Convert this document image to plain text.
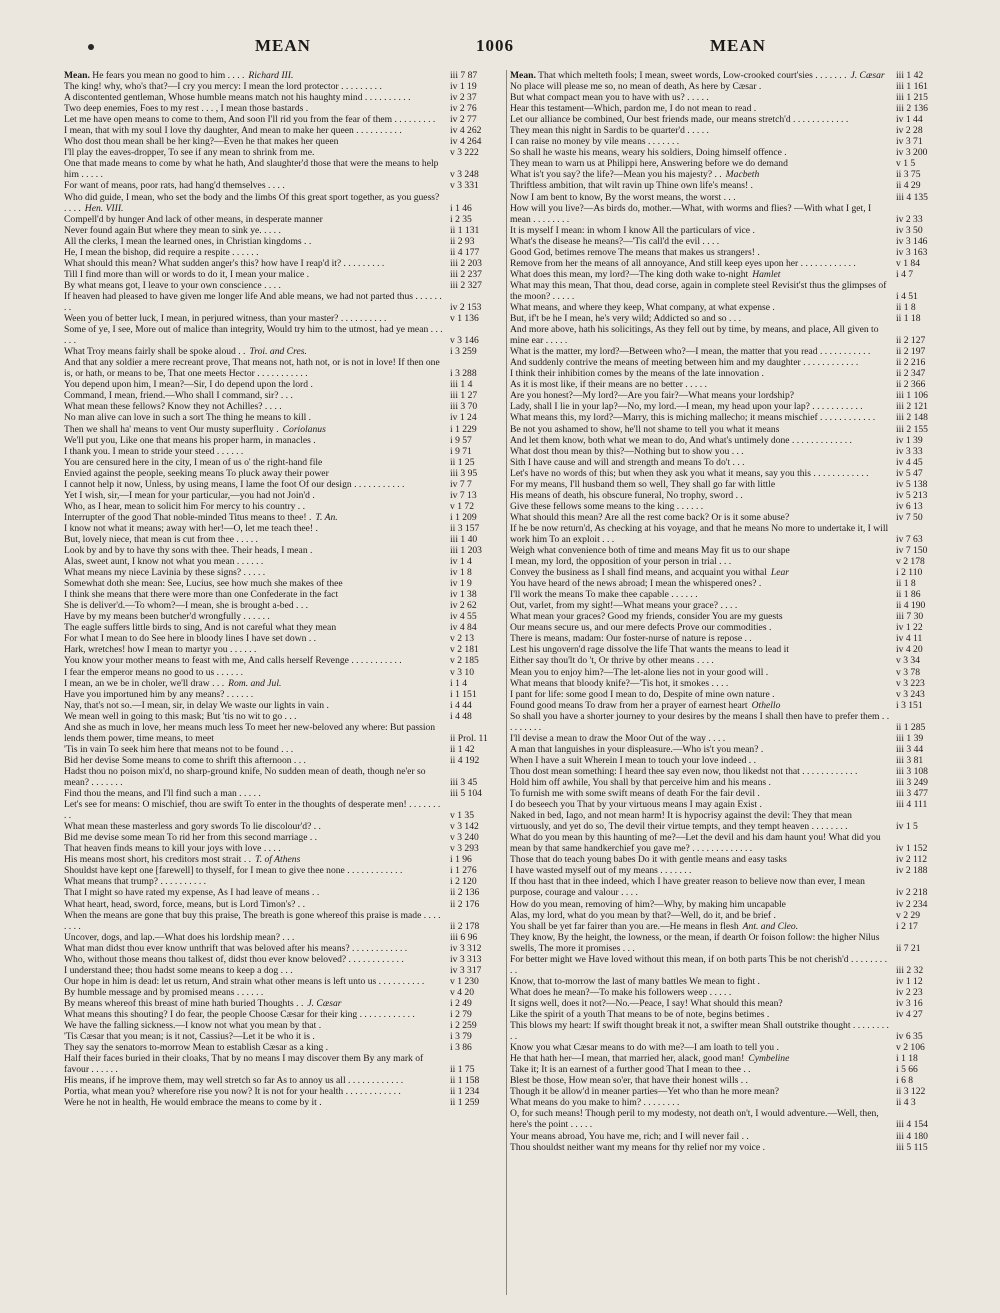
MEAN	1006	MEAN
Mean. He fears you mean no good to him . . . . Richard III.	iii 7 87
The king! why, who's that?—I cry you mercy: I mean the lord protector . . . . . . . . .	iv 1 19
A discontented gentleman, Whose humble means match not his haughty mind . . . . . . . . . .	iv 2 37
Two deep enemies, Foes to my rest . . . , I mean those bastards .	iv 2 76
Let me have open means to come to them, And soon I'll rid you from the fear of them . . . . . . . . .	iv 2 77
I mean, that with my soul I love thy daughter, And mean to make her queen . . . . . . . . . .	iv 4 262
Who dost thou mean shall be her king?—Even he that makes her queen	iv 4 264
I'll play the eaves-dropper, To see if any mean to shrink from me.	v 3 222
One that made means to come by what he hath, And slaughter'd those that were the means to help him . . . . .	v 3 248
For want of means, poor rats, had hang'd themselves . . . .	v 3 331
Who did guide, I mean, who set the body and the limbs Of this great sport together, as you guess? . . . . Hen. VIII.	i 1 46
Compell'd by hunger And lack of other means, in desperate manner	i 2 35
Never found again But where they mean to sink ye. . . . .	ii 1 131
All the clerks, I mean the learned ones, in Christian kingdoms . .	ii 2 93
He, I mean the bishop, did require a respite . . . . . .	ii 4 177
What should this mean? What sudden anger's this? how have I reap'd it? . . . . . . . . .	iii 2 203
Till I find more than will or words to do it, I mean your malice .	iii 2 237
By what means got, I leave to your own conscience . . . .	iii 2 327
If heaven had pleased to have given me longer life And able means, we had not parted thus . . . . . . . .	iv 2 153
Ween you of better luck, I mean, in perjured witness, than your master? . . . . . . . . . .	v 1 136
Some of ye, I see, More out of malice than integrity, Would try him to the utmost, had ye mean . . . . . .	v 3 146
What Troy means fairly shall be spoke aloud . . Troi. and Cres.	i 3 259
And that any soldier a mere recreant prove, That means not, hath not, or is not in love! If then one is, or hath, or means to be, That one meets Hector . . . . . . . . . . .	i 3 288
You depend upon him, I mean?—Sir, I do depend upon the lord .	iii 1 4
Command, I mean, friend.—Who shall I command, sir? . . .	iii 1 27
What mean these fellows? Know they not Achilles? . . . .	iii 3 70
No man alive can love in such a sort The thing he means to kill .	iv 1 24
Then we shall ha' means to vent Our musty superfluity . Coriolanus	i 1 229
We'll put you, Like one that means his proper harm, in manacles .	i 9 57
I thank you. I mean to stride your steed . . . . . .	i 9 71
You are censured here in the city, I mean of us o' the right-hand file	ii 1 25
Envied against the people, seeking means To pluck away their power	iii 3 95
I cannot help it now, Unless, by using means, I lame the foot Of our design . . . . . . . . . . .	iv 7 7
Yet I wish, sir,—I mean for your particular,—you had not Join'd .	iv 7 13
Who, as I hear, mean to solicit him For mercy to his country . .	v 1 72
Interrupter of the good That noble-minded Titus means to thee! . T. An.	i 1 209
I know not what it means; away with her!—O, let me teach thee! .	ii 3 157
But, lovely niece, that mean is cut from thee . . . . .	iii 1 40
Look by and by to have thy sons with thee. Their heads, I mean .	iii 1 203
Alas, sweet aunt, I know not what you mean . . . . . .	iv 1 4
What means my niece Lavinia by these signs? . . . . .	iv 1 8
Somewhat doth she mean: See, Lucius, see how much she makes of thee	iv 1 9
I think she means that there were more than one Confederate in the fact	iv 1 38
She is deliver'd.—To whom?—I mean, she is brought a-bed . . .	iv 2 62
Have by my means been butcher'd wrongfully . . . . . .	iv 4 55
The eagle suffers little birds to sing, And is not careful what they mean	iv 4 84
For what I mean to do See here in bloody lines I have set down . .	v 2 13
Hark, wretches! how I mean to martyr you . . . . . .	v 2 181
You know your mother means to feast with me, And calls herself Revenge . . . . . . . . . . .	v 2 185
I fear the emperor means no good to us . . . . . .	v 3 10
I mean, an we be in choler, we'll draw . . . Rom. and Jul.	i 1 4
Have you importuned him by any means? . . . . . .	i 1 151
Nay, that's not so.—I mean, sir, in delay We waste our lights in vain .	i 4 44
We mean well in going to this mask; But 'tis no wit to go . . .	i 4 48
And she as much in love, her means much less To meet her new-beloved any where: But passion lends them power, time means, to meet	ii Prol. 11
'Tis in vain To seek him here that means not to be found . . .	ii 1 42
Bid her devise Some means to come to shrift this afternoon . . .	ii 4 192
Hadst thou no poison mix'd, no sharp-ground knife, No sudden mean of death, though ne'er so mean? . . . . . . .	iii 3 45
Find thou the means, and I'll find such a man . . . . .	iii 5 104
Let's see for means: O mischief, thou are swift To enter in the thoughts of desperate men! . . . . . . . . .	v 1 35
What mean these masterless and gory swords To lie discolour'd? . .	v 3 142
Bid me devise some mean To rid her from this second marriage . .	v 3 240
That heaven finds means to kill your joys with love . . . .	v 3 293
His means most short, his creditors most strait . . T. of Athens	i 1 96
Shouldst have kept one [farewell] to thyself, for I mean to give thee none . . . . . . . . . . . .	i 1 276
What means that trump? . . . . . . . . . .	i 2 120
That I might so have rated my expense, As I had leave of means . .	ii 2 136
What heart, head, sword, force, means, but is Lord Timon's? . .	ii 2 176
When the means are gone that buy this praise, The breath is gone whereof this praise is made . . . . . . . .	ii 2 178
Uncover, dogs, and lap.—What does his lordship mean? . . .	iii 6 96
What man didst thou ever know unthrift that was beloved after his means? . . . . . . . . . . . .	iv 3 312
Who, without those means thou talkest of, didst thou ever know beloved? . . . . . . . . . . . .	iv 3 313
I understand thee; thou hadst some means to keep a dog . . .	iv 3 317
Our hope in him is dead: let us return, And strain what other means is left unto us . . . . . . . . . .	v 1 230
By humble message and by promised means . . . . . .	v 4 20
By means whereof this breast of mine hath buried Thoughts . . J. Cæsar	i 2 49
What means this shouting? I do fear, the people Choose Cæsar for their king . . . . . . . . . . . .	i 2 79
We have the falling sickness.—I know not what you mean by that .	i 2 259
'Tis Cæsar that you mean; is it not, Cassius?—Let it be who it is .	i 3 79
They say the senators to-morrow Mean to establish Cæsar as a king .	i 3 86
Half their faces buried in their cloaks, That by no means I may discover them By any mark of favour . . . . . .	ii 1 75
His means, if he improve them, may well stretch so far As to annoy us all . . . . . . . . . . . .	ii 1 158
Portia, what mean you? wherefore rise you now? It is not for your health . . . . . . . . . . . .	ii 1 234
Were he not in health, He would embrace the means to come by it .	ii 1 259
Mean. That which melteth fools; I mean, sweet words, Low-crooked court'sies . . . . . . . J. Cæsar	iii 1 42
No place will please me so, no mean of death, As here by Cæsar .	iii 1 161
But what compact mean you to have with us? . . . . .	iii 1 215
Hear this testament—Which, pardon me, I do not mean to read .	iii 2 136
Let our alliance be combined, Our best friends made, our means stretch'd . . . . . . . . . . . .	iv 1 44
They mean this night in Sardis to be quarter'd . . . . .	iv 2 28
I can raise no money by vile means . . . . . . .	iv 3 71
So shall he waste his means, weary his soldiers, Doing himself offence .	iv 3 200
They mean to warn us at Philippi here, Answering before we do demand	v 1 5
What is't you say? the life?—Mean you his majesty? . . Macbeth	ii 3 75
Thriftless ambition, that wilt ravin up Thine own life's means! .	ii 4 29
Now I am bent to know, By the worst means, the worst . . .	iii 4 135
How will you live?—As birds do, mother.—What, with worms and flies? —With what I get, I mean . . . . . . . .	iv 2 33
It is myself I mean: in whom I know All the particulars of vice .	iv 3 50
What's the disease he means?—'Tis call'd the evil . . . .	iv 3 146
Good God, betimes remove The means that makes us strangers! .	iv 3 163
Remove from her the means of all annoyance, And still keep eyes upon her . . . . . . . . . . . .	v 1 84
What does this mean, my lord?—The king doth wake to-night Hamlet	i 4 7
What may this mean, That thou, dead corse, again in complete steel Revisit'st thus the glimpses of the moon? . . . . .	i 4 51
What means, and where they keep, What company, at what expense .	ii 1 8
But, if't be he I mean, he's very wild; Addicted so and so . . .	ii 1 18
And more above, hath his solicitings, As they fell out by time, by means, and place, All given to mine ear . . . . .	ii 2 127
What is the matter, my lord?—Between who?—I mean, the matter that you read . . . . . . . . . . .	ii 2 197
And suddenly contrive the means of meeting between him and my daughter . . . . . . . . . . . .	ii 2 216
I think their inhibition comes by the means of the late innovation .	ii 2 347
As it is most like, if their means are no better . . . . .	ii 2 366
Are you honest?—My lord?—Are you fair?—What means your lordship?	iii 1 106
Lady, shall I lie in your lap?—No, my lord.—I mean, my head upon your lap? . . . . . . . . . . .	iii 2 121
What means this, my lord?—Marry, this is miching mallecho; it means mischief . . . . . . . . . . . .	iii 2 148
Be not you ashamed to show, he'll not shame to tell you what it means	iii 2 155
And let them know, both what we mean to do, And what's untimely done . . . . . . . . . . . . .	iv 1 39
What dost thou mean by this?—Nothing but to show you . . .	iv 3 33
Sith I have cause and will and strength and means To do't . . .	iv 4 45
Let's have no words of this; but when they ask you what it means, say you this . . . . . . . . . . . .	iv 5 47
For my means, I'll husband them so well, They shall go far with little	iv 5 138
His means of death, his obscure funeral, No trophy, sword . .	iv 5 213
Give these fellows some means to the king . . . . . .	iv 6 13
What should this mean? Are all the rest come back? Or is it some abuse?	iv 7 50
If he be now return'd, As checking at his voyage, and that he means No more to undertake it, I will work him To an exploit . . .	iv 7 63
Weigh what convenience both of time and means May fit us to our shape	iv 7 150
I mean, my lord, the opposition of your person in trial . . .	v 2 178
Convey the business as I shall find means, and acquaint you withal Lear	i 2 110
You have heard of the news abroad; I mean the whispered ones? .	ii 1 8
I'll work the means To make thee capable . . . . . .	ii 1 86
Out, varlet, from my sight!—What means your grace? . . . .	ii 4 190
What mean your graces? Good my friends, consider You are my guests	iii 7 30
Our means secure us, and our mere defects Prove our commodities .	iv 1 22
There is means, madam: Our foster-nurse of nature is repose . .	iv 4 11
Lest his ungovern'd rage dissolve the life That wants the means to lead it	iv 4 20
Either say thou'lt do 't, Or thrive by other means . . . .	v 3 34
Mean you to enjoy him?—The let-alone lies not in your good will .	v 3 78
What means that bloody knife?—'Tis hot, it smokes . . . .	v 3 223
I pant for life: some good I mean to do, Despite of mine own nature .	v 3 243
Found good means To draw from her a prayer of earnest heart Othello	i 3 151
So shall you have a shorter journey to your desires by the means I shall then have to prefer them . . . . . . . . .	ii 1 285
I'll devise a mean to draw the Moor Out of the way . . . .	iii 1 39
A man that languishes in your displeasure.—Who is't you mean? .	iii 3 44
When I have a suit Wherein I mean to touch your love indeed . .	iii 3 81
Thou dost mean something: I heard thee say even now, thou likedst not that . . . . . . . . . . . .	iii 3 108
Hold him off awhile, You shall by that perceive him and his means .	iii 3 249
To furnish me with some swift means of death For the fair devil .	iii 3 477
I do beseech you That by your virtuous means I may again Exist .	iii 4 111
Naked in bed, Iago, and not mean harm! It is hypocrisy against the devil: They that mean virtuously, and yet do so, The devil their virtue tempts, and they tempt heaven . . . . . . . .	iv 1 5
What do you mean by this haunting of me?—Let the devil and his dam haunt you! What did you mean by that same handkerchief you gave me? . . . . . . . . . . . . .	iv 1 152
Those that do teach young babes Do it with gentle means and easy tasks	iv 2 112
I have wasted myself out of my means . . . . . . .	iv 2 188
If thou hast that in thee indeed, which I have greater reason to believe now than ever, I mean purpose, courage and valour . . . .	iv 2 218
How do you mean, removing of him?—Why, by making him uncapable	iv 2 234
Alas, my lord, what do you mean by that?—Well, do it, and be brief .	v 2 29
You shall be yet far fairer than you are.—He means in flesh Ant. and Cleo.	i 2 17
They know, By the height, the lowness, or the mean, if dearth Or foison follow: the higher Nilus swells, The more it promises . . .	ii 7 21
For better might we Have loved without this mean, if on both parts This be not cherish'd . . . . . . . . . .	iii 2 32
Know, that to-morrow the last of many battles We mean to fight .	iv 1 12
What does he mean?—To make his followers weep . . . . .	iv 2 23
It signs well, does it not?—No.—Peace, I say! What should this mean?	iv 3 16
Like the spirit of a youth That means to be of note, begins betimes .	iv 4 27
This blows my heart: If swift thought break it not, a swifter mean Shall outstrike thought . . . . . . . . . .	iv 6 35
Know you what Cæsar means to do with me?—I am loath to tell you .	v 2 106
He that hath her—I mean, that married her, alack, good man! Cymbeline	i 1 18
Take it; It is an earnest of a further good That I mean to thee . .	i 5 66
Blest be those, How mean so'er, that have their honest wills . .	i 6 8
Though it be allow'd in meaner parties—Yet who than he more mean?	ii 3 122
What means do you make to him? . . . . . . . .	ii 4 3
O, for such means! Though peril to my modesty, not death on't, I would adventure.—Well, then, here's the point . . . . .	iii 4 154
Your means abroad, You have me, rich; and I will never fail . .	iii 4 180
Thou shouldst neither want my means for thy relief nor my voice .	iii 5 115
